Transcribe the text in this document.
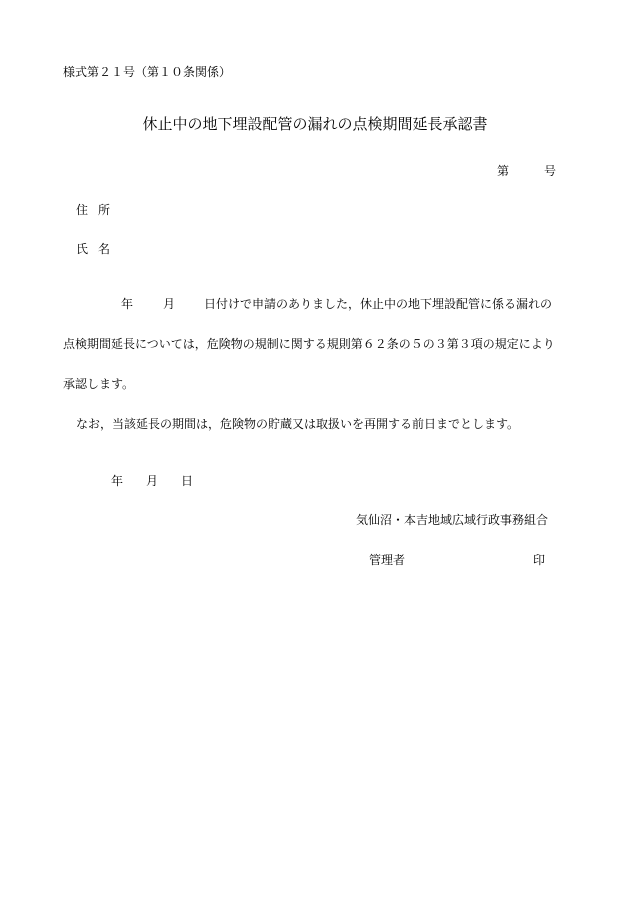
様式第２１号（第１０条関係）
休止中の地下埋設配管の漏れの点検期間延長承認書
第	号
住所
氏名
年 月 日付けで申請のありました，休止中の地下埋設配管に係る漏れの
点検期間延長については，危険物の規制に関する規則第６２条の５の３第３項の規定により
承認します。
なお，当該延長の期間は，危険物の貯蔵又は取扱いを再開する前日までとします。
年 月 日
気仙沼・本吉地域広域行政事務組合
管理者	印
